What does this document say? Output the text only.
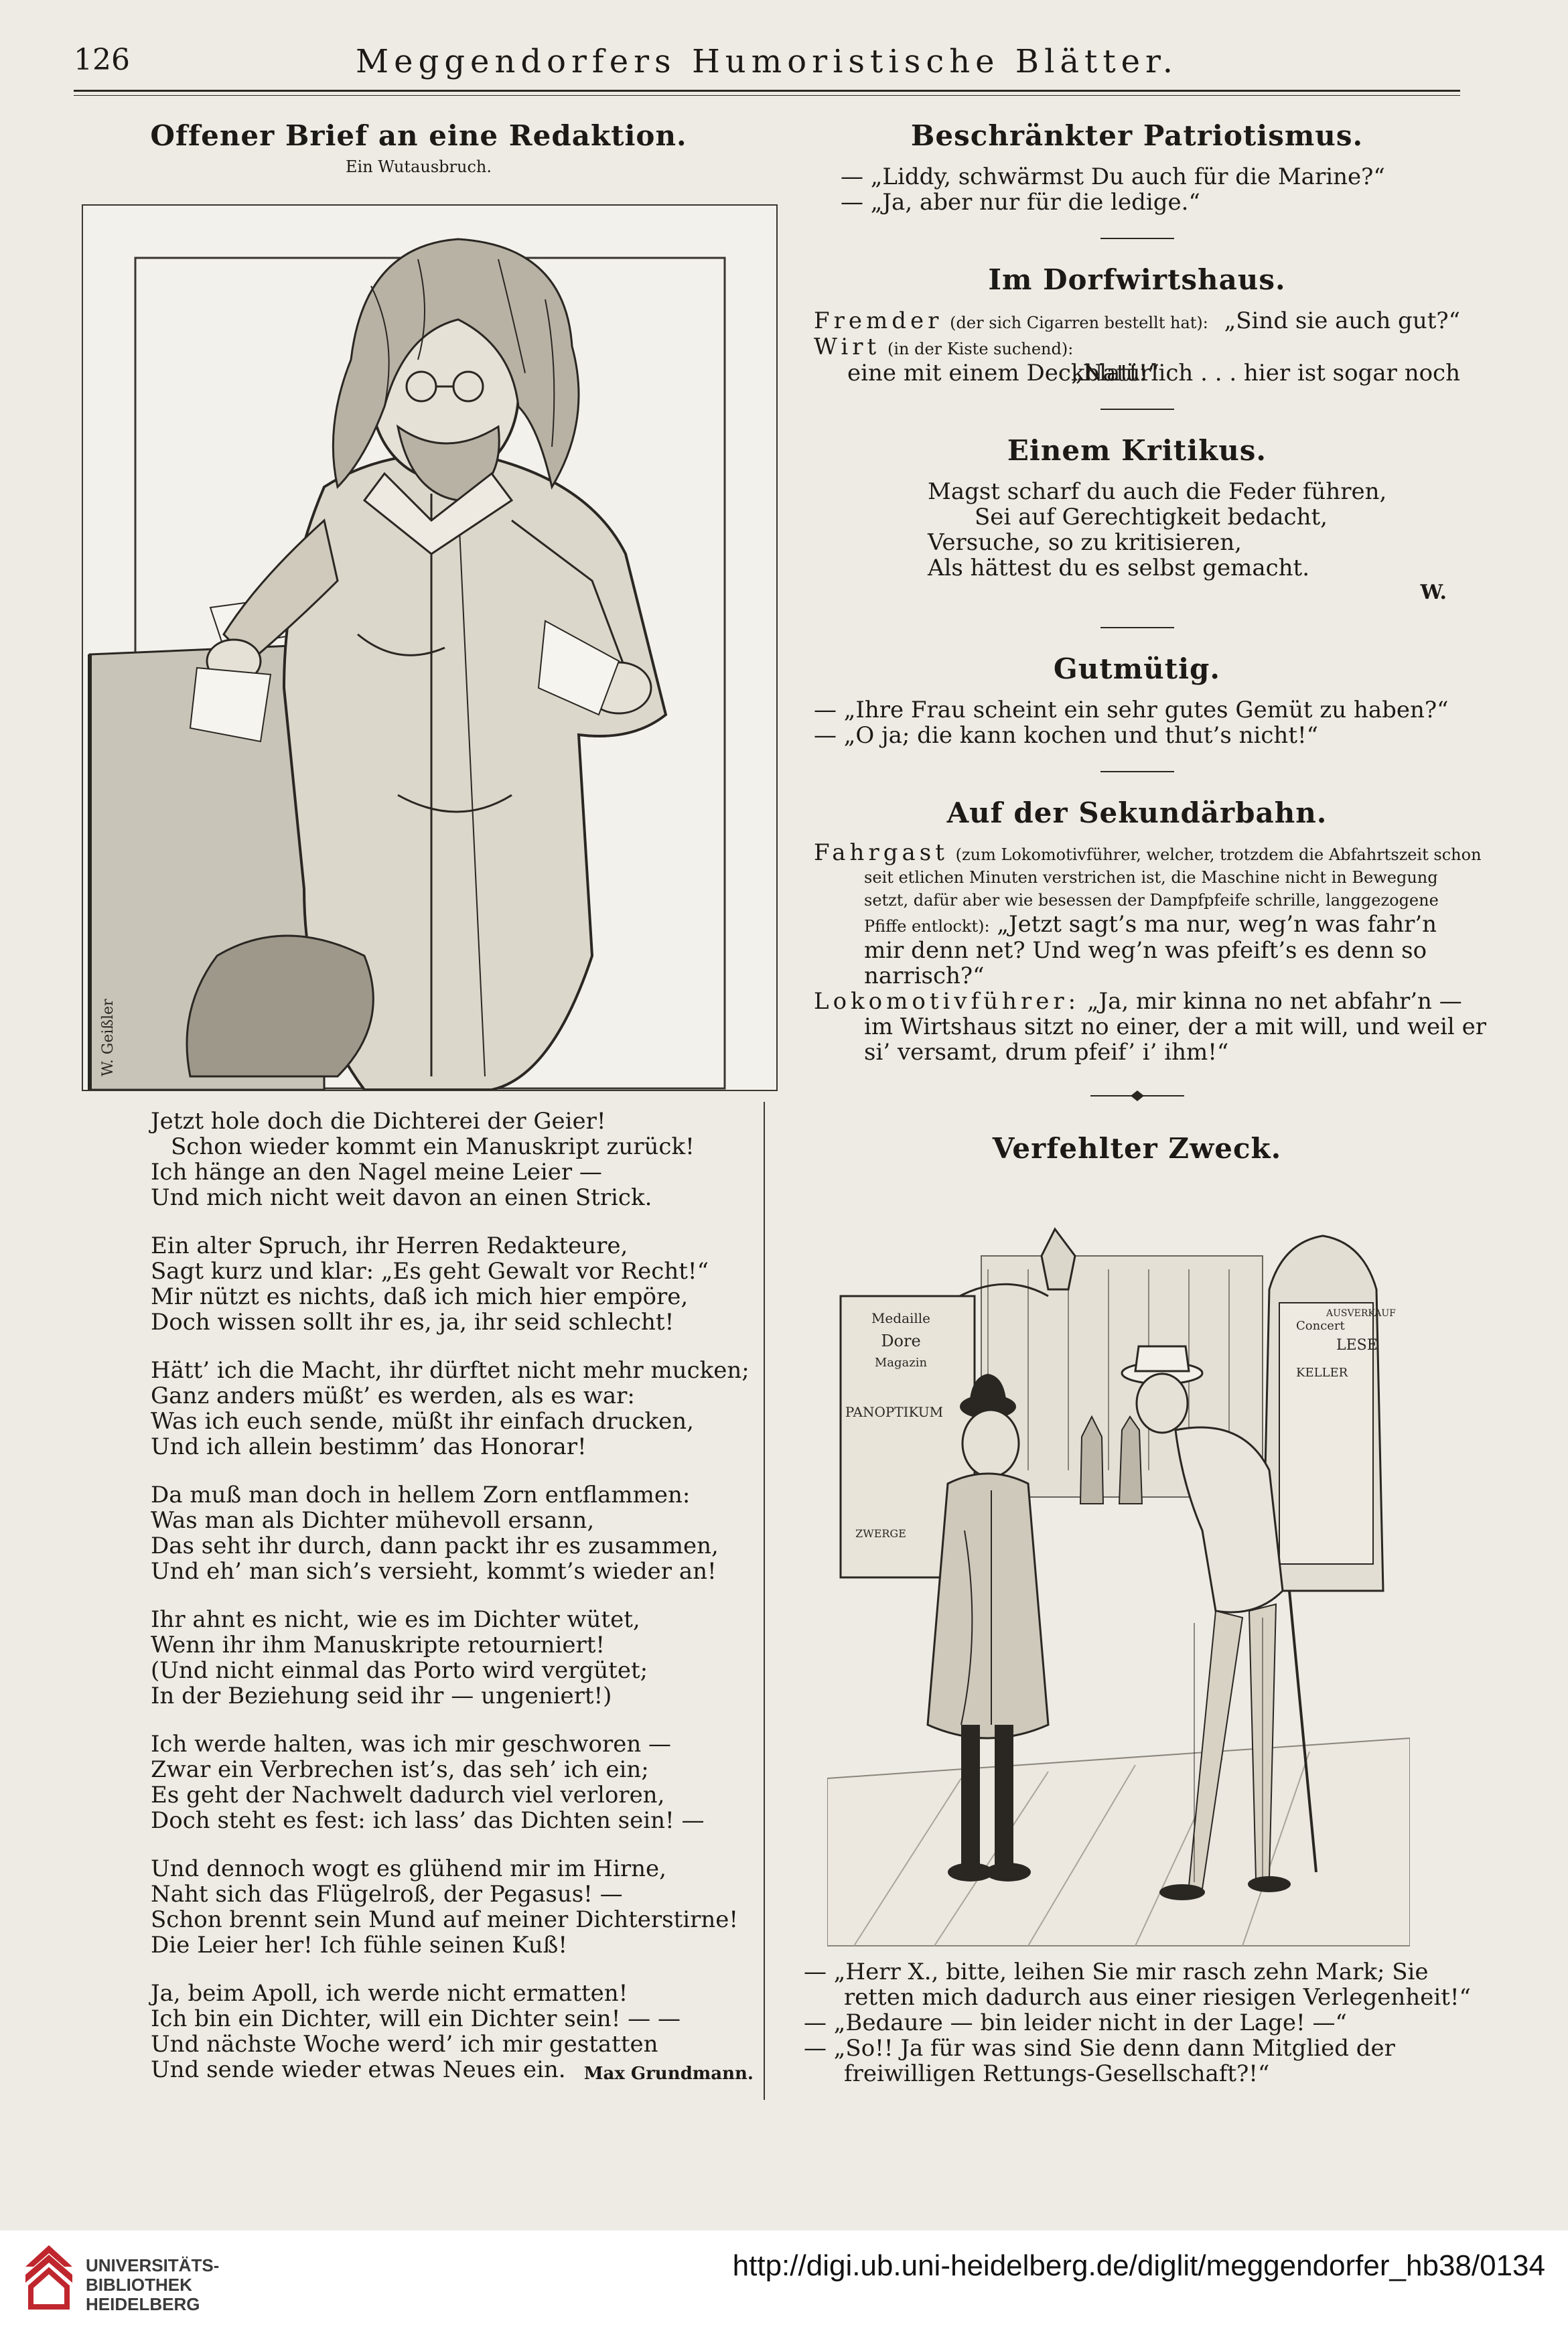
126	Meggendorfers Humoristische Blätter.
Offener Brief an eine Redaktion.
Ein Wutausbruch.
W. Geißler
Jetzt hole doch die Dichterei der Geier!
Schon wieder kommt ein Manuskript zurück!
Ich hänge an den Nagel meine Leier —
Und mich nicht weit davon an einen Strick.
Ein alter Spruch, ihr Herren Redakteure,
Sagt kurz und klar: „Es geht Gewalt vor Recht!“
Mir nützt es nichts, daß ich mich hier empöre,
Doch wissen sollt ihr es, ja, ihr seid schlecht!
Hätt’ ich die Macht, ihr dürftet nicht mehr mucken;
Ganz anders müßt’ es werden, als es war:
Was ich euch sende, müßt ihr einfach drucken,
Und ich allein bestimm’ das Honorar!
Da muß man doch in hellem Zorn entflammen:
Was man als Dichter mühevoll ersann,
Das seht ihr durch, dann packt ihr es zusammen,
Und eh’ man sich’s versieht, kommt’s wieder an!
Ihr ahnt es nicht, wie es im Dichter wütet,
Wenn ihr ihm Manuskripte retourniert!
(Und nicht einmal das Porto wird vergütet;
In der Beziehung seid ihr — ungeniert!)
Ich werde halten, was ich mir geschworen —
Zwar ein Verbrechen ist’s, das seh’ ich ein;
Es geht der Nachwelt dadurch viel verloren,
Doch steht es fest: ich lass’ das Dichten sein! —
Und dennoch wogt es glühend mir im Hirne,
Naht sich das Flügelroß, der Pegasus! —
Schon brennt sein Mund auf meiner Dichterstirne!
Die Leier her! Ich fühle seinen Kuß!
Ja, beim Apoll, ich werde nicht ermatten!
Ich bin ein Dichter, will ein Dichter sein! — —
Und nächste Woche werd’ ich mir gestatten
Und sende wieder etwas Neues ein. Max Grundmann.
Beschränkter Patriotismus.
— „Liddy, schwärmst Du auch für die Marine?“
— „Ja, aber nur für die ledige.“
Im Dorfwirtshaus.
Fremder (der sich Cigarren bestellt hat): „Sind sie auch gut?“
Wirt (in der Kiste suchend):
„Natürlich . . . hier ist sogar noch
eine mit einem Deckblatt!“
Einem Kritikus.
Magst scharf du auch die Feder führen,
Sei auf Gerechtigkeit bedacht,
Versuche, so zu kritisieren,
Als hättest du es selbst gemacht.
W.
Gutmütig.
— „Ihre Frau scheint ein sehr gutes Gemüt zu haben?“
— „O ja; die kann kochen und thut’s nicht!“
Auf der Sekundärbahn.
Fahrgast (zum Lokomotivführer, welcher, trotzdem die Abfahrtszeit schon
seit etlichen Minuten verstrichen ist, die Maschine nicht in Bewegung
setzt, dafür aber wie besessen der Dampfpfeife schrille, langgezogene
Pfiffe entlockt): „Jetzt sagt’s ma nur, weg’n was fahr’n
mir denn net? Und weg’n was pfeift’s es denn so
narrisch?“
Lokomotivführer: „Ja, mir kinna no net abfahr’n —
im Wirtshaus sitzt no einer, der a mit will, und weil er
si’ versamt, drum pfeif’ i’ ihm!“
Verfehlter Zweck.
Medaille
Dore
Magazin
PANOPTIKUM
ZWERGE
Concert
KELLER
AUSVERKAUF
LESE
— „Herr X., bitte, leihen Sie mir rasch zehn Mark; Sie
retten mich dadurch aus einer riesigen Verlegenheit!“
— „Bedaure — bin leider nicht in der Lage! —“
— „So!! Ja für was sind Sie denn dann Mitglied der
freiwilligen Rettungs-Gesellschaft?!“
UNIVERSITÄTS-
BIBLIOTHEK
HEIDELBERG
http://digi.ub.uni-heidelberg.de/diglit/meggendorfer_hb38/0134
